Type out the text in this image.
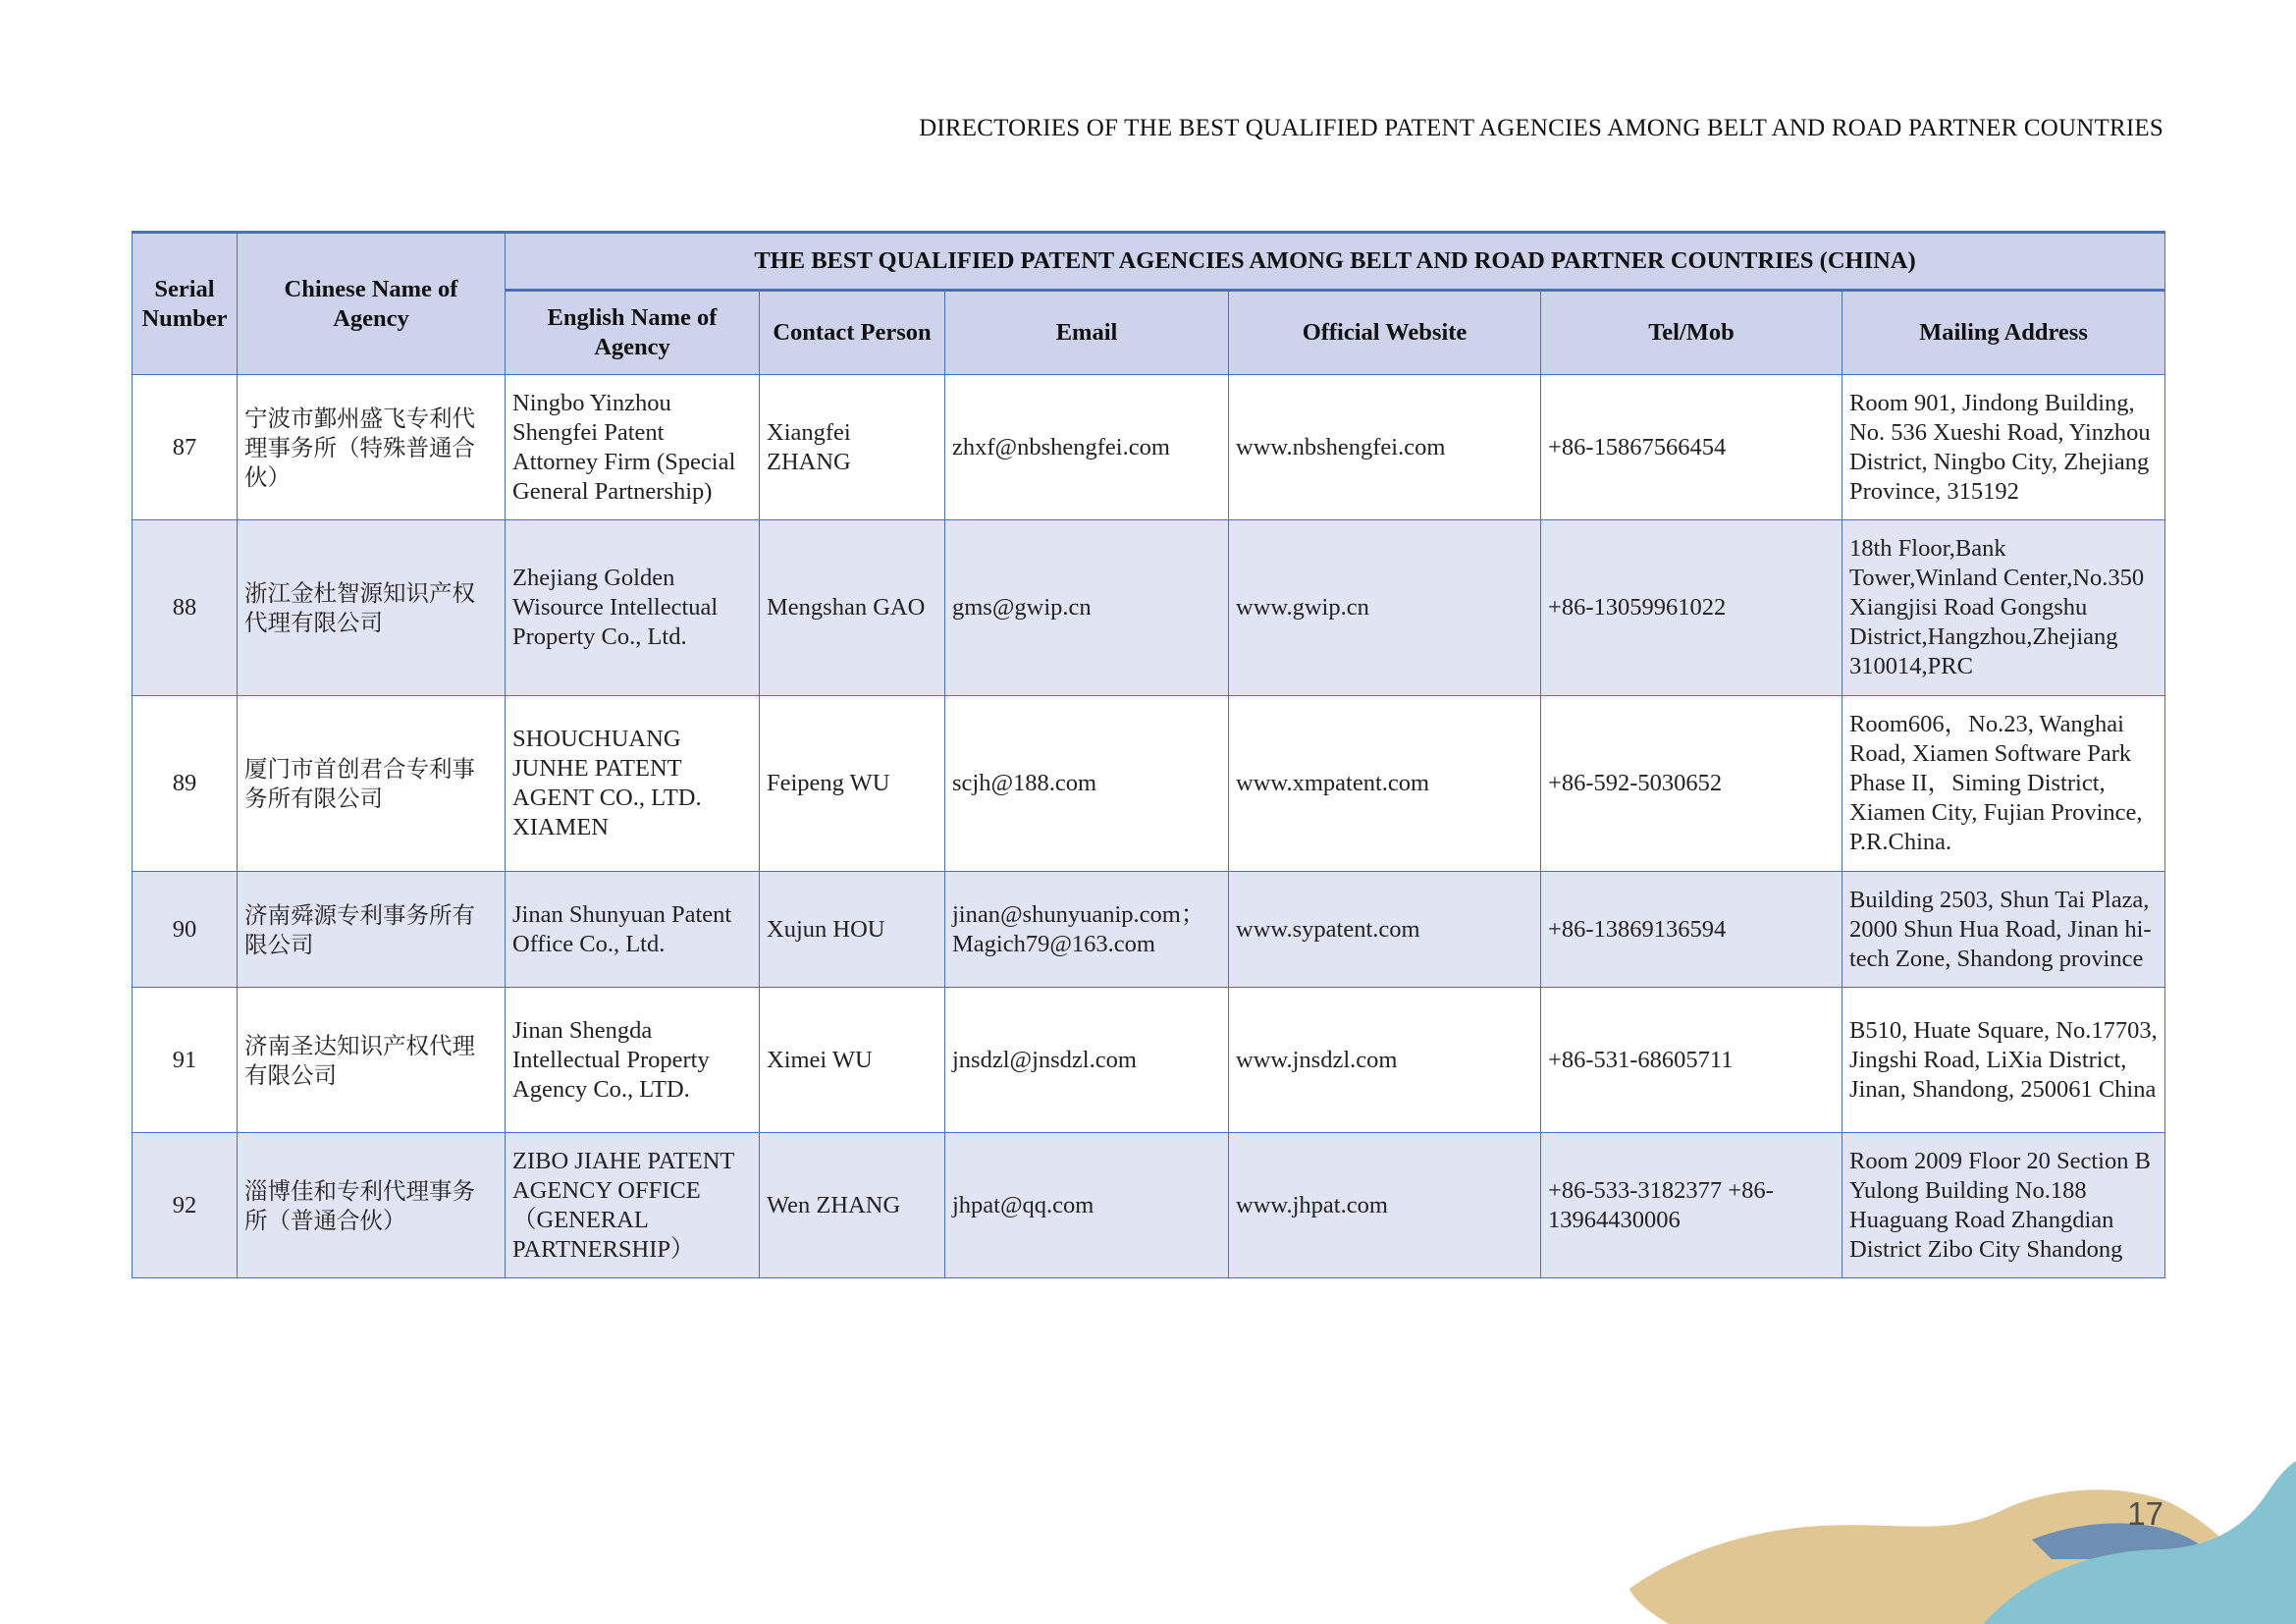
DIRECTORIES OF THE BEST QUALIFIED PATENT AGENCIES AMONG BELT AND ROAD PARTNER COUNTRIES
Serial Number	Chinese Name of Agency	THE BEST QUALIFIED PATENT AGENCIES AMONG BELT AND ROAD PARTNER COUNTRIES (CHINA)					
		English Name of Agency	Contact Person	Email	Official Website	Tel/Mob	Mailing Address
87	宁波市鄞州盛飞专利代理事务所（特殊普通合伙）	Ningbo Yinzhou Shengfei Patent Attorney Firm (Special General Partnership)	Xiangfei ZHANG	zhxf@nbshengfei.com	www.nbshengfei.com	+86-15867566454	Room 901, Jindong Building, No. 536 Xueshi Road, Yinzhou District, Ningbo City, Zhejiang Province, 315192
88	浙江金杜智源知识产权代理有限公司	Zhejiang Golden Wisource Intellectual Property Co., Ltd.	Mengshan GAO	gms@gwip.cn	www.gwip.cn	+86-13059961022	18th Floor,Bank Tower,Winland Center,No.350 Xiangjisi Road Gongshu District,Hangzhou,Zhejiang 310014,PRC
89	厦门市首创君合专利事务所有限公司	SHOUCHUANG JUNHE PATENT AGENT CO., LTD. XIAMEN	Feipeng WU	scjh@188.com	www.xmpatent.com	+86-592-5030652	Room606，No.23, Wanghai Road, Xiamen Software Park Phase II，Siming District, Xiamen City, Fujian Province, P.R.China.
90	济南舜源专利事务所有限公司	Jinan Shunyuan Patent Office Co., Ltd.	Xujun HOU	jinan@shunyuanip.com；Magich79@163.com	www.sypatent.com	+86-13869136594	Building 2503, Shun Tai Plaza, 2000 Shun Hua Road, Jinan hi-tech Zone, Shandong province
91	济南圣达知识产权代理有限公司	Jinan Shengda Intellectual Property Agency Co., LTD.	Ximei WU	jnsdzl@jnsdzl.com	www.jnsdzl.com	+86-531-68605711	B510, Huate Square, No.17703, Jingshi Road, LiXia District, Jinan, Shandong, 250061 China
92	淄博佳和专利代理事务所（普通合伙）	ZIBO JIAHE PATENT AGENCY OFFICE （GENERAL PARTNERSHIP）	Wen ZHANG	jhpat@qq.com	www.jhpat.com	+86-533-3182377 +86-13964430006	Room 2009 Floor 20 Section B Yulong Building No.188 Huaguang Road Zhangdian District Zibo City Shandong
17
